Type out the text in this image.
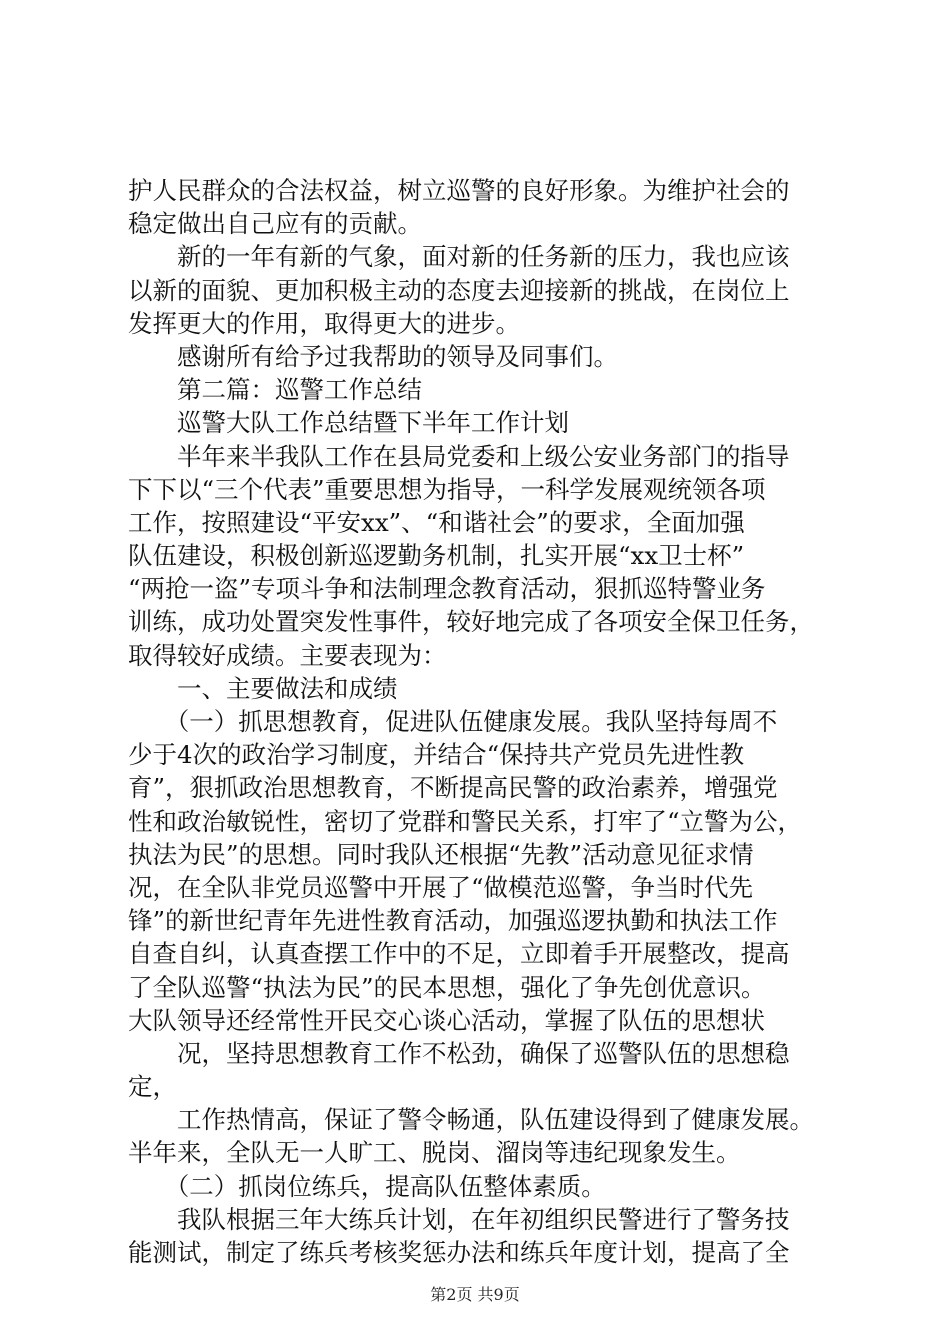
护人民群众的合法权益，树立巡警的良好形象。为维护社会的
稳定做出自己应有的贡献。
　　新的一年有新的气象，面对新的任务新的压力，我也应该
以新的面貌、更加积极主动的态度去迎接新的挑战，在岗位上
发挥更大的作用，取得更大的进步。
　　感谢所有给予过我帮助的领导及同事们。
　　第二篇：巡警工作总结
　　巡警大队工作总结暨下半年工作计划
　　半年来半我队工作在县局党委和上级公安业务部门的指导
下下以“三个代表”重要思想为指导，一科学发展观统领各项
工作，按照建设“平安xx”、“和谐社会”的要求，全面加强
队伍建设，积极创新巡逻勤务机制，扎实开展“xx卫士杯”
“两抢一盗”专项斗争和法制理念教育活动，狠抓巡特警业务
训练，成功处置突发性事件，较好地完成了各项安全保卫任务，
取得较好成绩。主要表现为：
　　一、主要做法和成绩
　　（一）抓思想教育，促进队伍健康发展。我队坚持每周不
少于4次的政治学习制度，并结合“保持共产党员先进性教
育”，狠抓政治思想教育，不断提高民警的政治素养，增强党
性和政治敏锐性，密切了党群和警民关系，打牢了“立警为公，
执法为民”的思想。同时我队还根据“先教”活动意见征求情
况，在全队非党员巡警中开展了“做模范巡警，争当时代先
锋”的新世纪青年先进性教育活动，加强巡逻执勤和执法工作
自查自纠，认真查摆工作中的不足，立即着手开展整改，提高
了全队巡警“执法为民”的民本思想，强化了争先创优意识。
大队领导还经常性开民交心谈心活动，掌握了队伍的思想状
　　况，坚持思想教育工作不松劲，确保了巡警队伍的思想稳
定，
　　工作热情高，保证了警令畅通，队伍建设得到了健康发展。
半年来，全队无一人旷工、脱岗、溜岗等违纪现象发生。
　　（二）抓岗位练兵，提高队伍整体素质。
　　我队根据三年大练兵计划，在年初组织民警进行了警务技
能测试，制定了练兵考核奖惩办法和练兵年度计划，提高了全
第2页 共9页
